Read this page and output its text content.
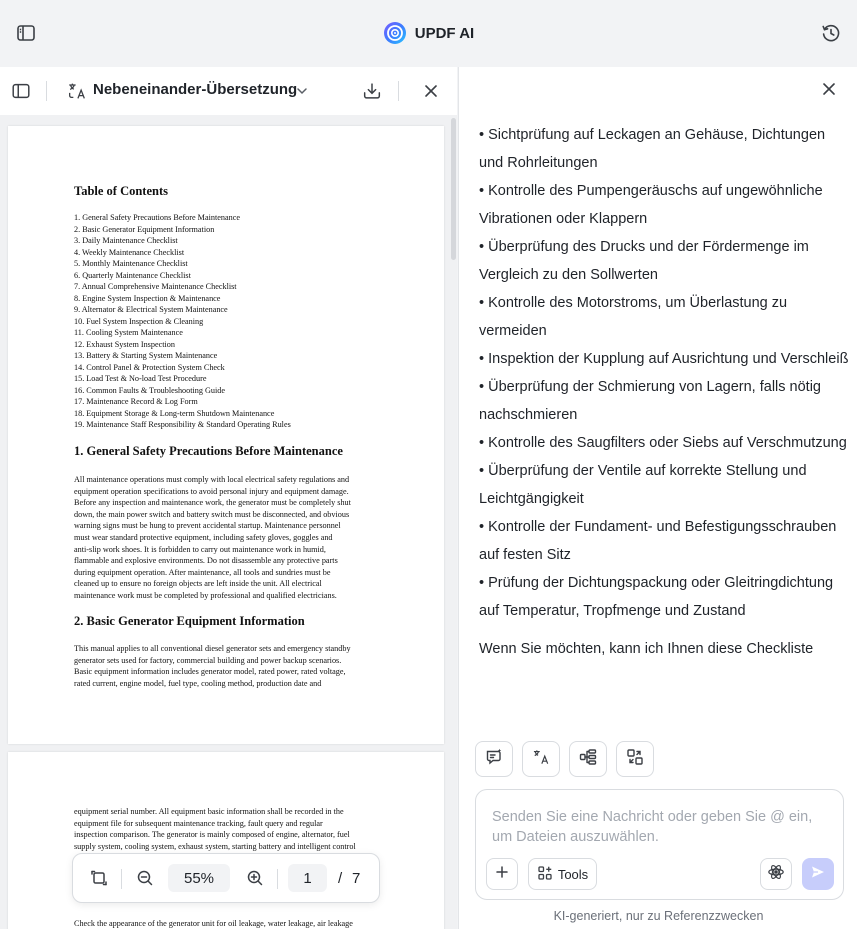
UPDF AI
Nebeneinander-Übersetzung
Table of Contents
1. General Safety Precautions Before Maintenance
2. Basic Generator Equipment Information
3. Daily Maintenance Checklist
4. Weekly Maintenance Checklist
5. Monthly Maintenance Checklist
6. Quarterly Maintenance Checklist
7. Annual Comprehensive Maintenance Checklist
8. Engine System Inspection & Maintenance
9. Alternator & Electrical System Maintenance
10. Fuel System Inspection & Cleaning
11. Cooling System Maintenance
12. Exhaust System Inspection
13. Battery & Starting System Maintenance
14. Control Panel & Protection System Check
15. Load Test & No-load Test Procedure
16. Common Faults & Troubleshooting Guide
17. Maintenance Record & Log Form
18. Equipment Storage & Long-term Shutdown Maintenance
19. Maintenance Staff Responsibility & Standard Operating Rules
1. General Safety Precautions Before Maintenance
All maintenance operations must comply with local electrical safety regulations and
equipment operation specifications to avoid personal injury and equipment damage.
Before any inspection and maintenance work, the generator must be completely shut
down, the main power switch and battery switch must be disconnected, and obvious
warning signs must be hung to prevent accidental startup. Maintenance personnel
must wear standard protective equipment, including safety gloves, goggles and
anti-slip work shoes. It is forbidden to carry out maintenance work in humid,
flammable and explosive environments. Do not disassemble any protective parts
during equipment operation. After maintenance, all tools and sundries must be
cleaned up to ensure no foreign objects are left inside the unit. All electrical
maintenance work must be completed by professional and qualified electricians.
2. Basic Generator Equipment Information
This manual applies to all conventional diesel generator sets and emergency standby
generator sets used for factory, commercial building and power backup scenarios.
Basic equipment information includes generator model, rated power, rated voltage,
rated current, engine model, fuel type, cooling method, production date and
equipment serial number. All equipment basic information shall be recorded in the
equipment file for subsequent maintenance tracking, fault query and regular
inspection comparison. The generator is mainly composed of engine, alternator, fuel
supply system, cooling system, exhaust system, starting battery and intelligent control
Check the appearance of the generator unit for oil leakage, water leakage, air leakage
55%	1	/ 7
• Sichtprüfung auf Leckagen an Gehäuse, Dichtungen und Rohrleitungen
• Kontrolle des Pumpengeräuschs auf ungewöhnliche Vibrationen oder Klappern
• Überprüfung des Drucks und der Fördermenge im Vergleich zu den Sollwerten
• Kontrolle des Motorstroms, um Überlastung zu vermeiden
• Inspektion der Kupplung auf Ausrichtung und Verschleiß
• Überprüfung der Schmierung von Lagern, falls nötig nachschmieren
• Kontrolle des Saugfilters oder Siebs auf Verschmutzung
• Überprüfung der Ventile auf korrekte Stellung und Leichtgängigkeit
• Kontrolle der Fundament- und Befestigungsschrauben auf festen Sitz
• Prüfung der Dichtungspackung oder Gleitringdichtung auf Temperatur, Tropfmenge und Zustand
Wenn Sie möchten, kann ich Ihnen diese Checkliste
Senden Sie eine Nachricht oder geben Sie @ ein, um Dateien auszuwählen.
Tools
KI-generiert, nur zu Referenzzwecken
